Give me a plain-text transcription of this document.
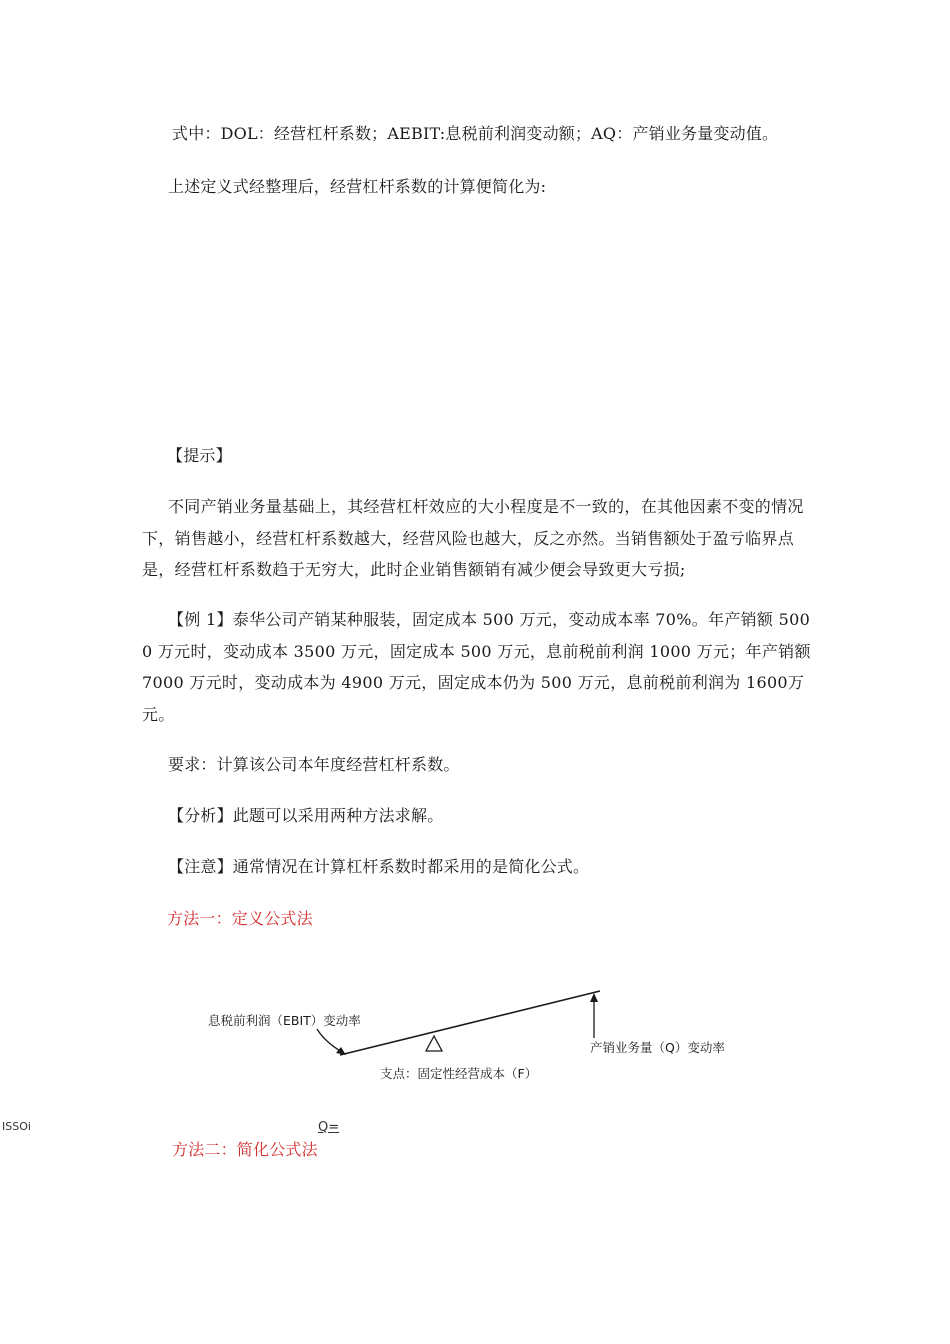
式中：DOL：经营杠杆系数；AEBIT:息税前利润变动额；AQ：产销业务量变动值。
上述定义式经整理后，经营杠杆系数的计算便简化为:
【提示】
不同产销业务量基础上，其经营杠杆效应的大小程度是不一致的，在其他因素不变的情况下，销售越小，经营杠杆系数越大，经营风险也越大，反之亦然。当销售额处于盈亏临界点是，经营杠杆系数趋于无穷大，此时企业销售额销有减少便会导致更大亏损;
【例 1】泰华公司产销某种服装，固定成本 500 万元，变动成本率 70%。年产销额 5000 万元时，变动成本 3500 万元，固定成本 500 万元，息前税前利润 1000 万元；年产销额 7000 万元时，变动成本为 4900 万元，固定成本仍为 500 万元，息前税前利润为 1600万元。
要求：计算该公司本年度经营杠杆系数。
【分析】此题可以采用两种方法求解。
【注意】通常情况在计算杠杆系数时都采用的是简化公式。
方法一：定义公式法
息税前利润（EBIT）变动率
产销业务量（Q）变动率
支点：固定性经营成本（F）
ISSOi
方法二：简化公式法
Q=
